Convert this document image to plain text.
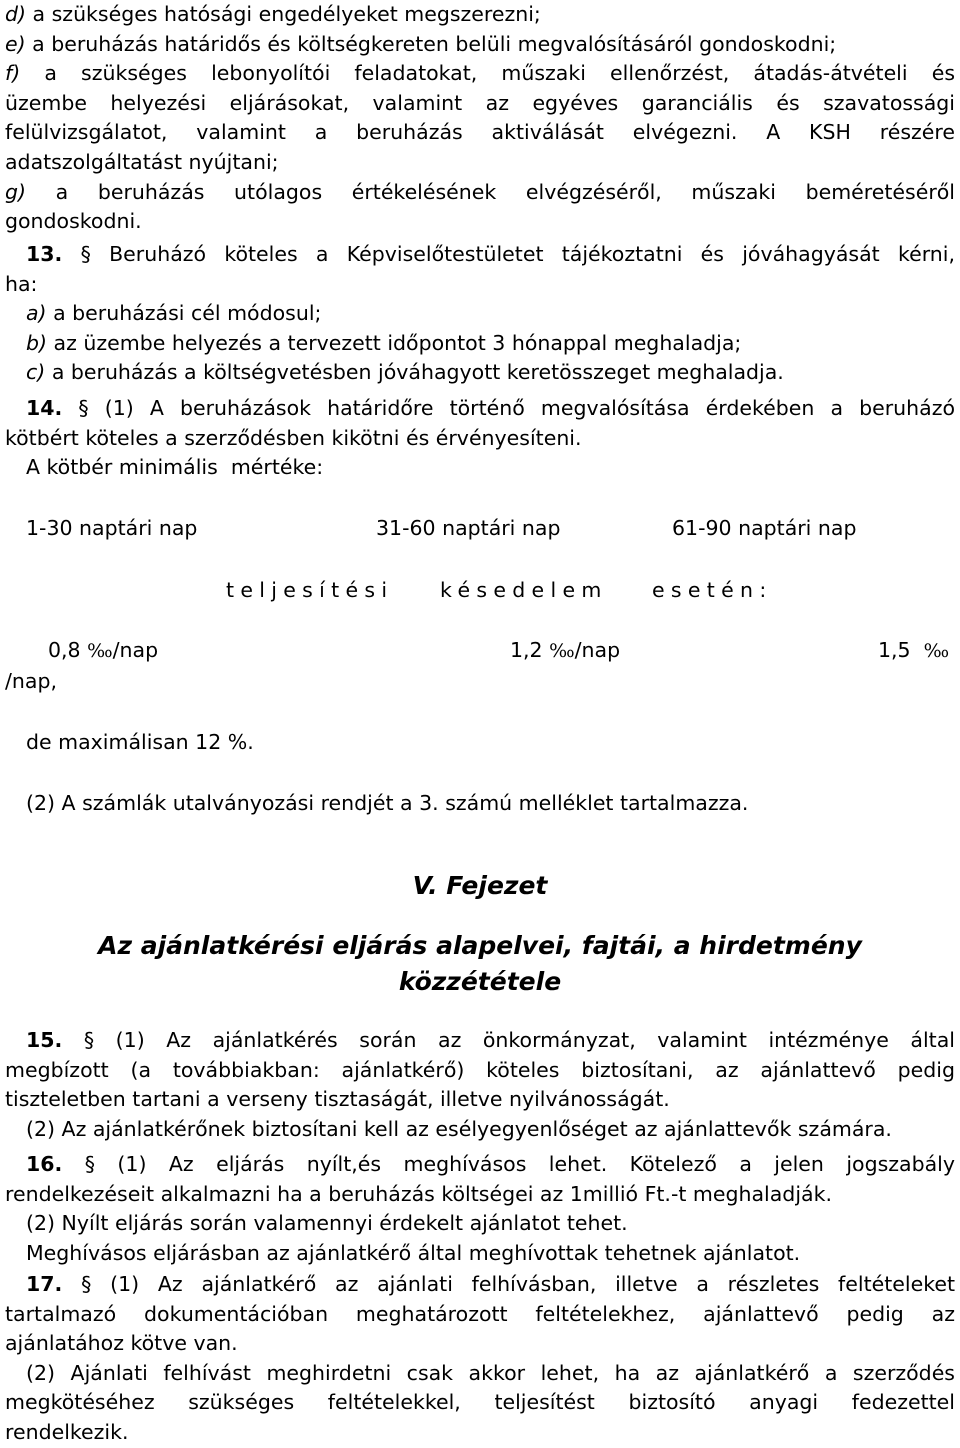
d) a szükséges hatósági engedélyeket megszerezni;
e) a beruházás határidős és költségkereten belüli megvalósításáról gondoskodni;
f) a szükséges lebonyolítói feladatokat, műszaki ellenőrzést, átadás-átvételi és
üzembe helyezési eljárásokat, valamint az egyéves garanciális és szavatossági
felülvizsgálatot, valamint a beruházás aktiválását elvégezni. A KSH részére
adatszolgáltatást nyújtani;
g) a beruházás utólagos értékelésének elvégzéséről, műszaki beméretéséről
gondoskodni.
13. § Beruházó köteles a Képviselőtestületet tájékoztatni és jóváhagyását kérni,
ha:
a) a beruházási cél módosul;
b) az üzembe helyezés a tervezett időpontot 3 hónappal meghaladja;
c) a beruházás a költségvetésben jóváhagyott keretösszeget meghaladja.
14. § (1) A beruházások határidőre történő megvalósítása érdekében a beruházó
kötbért köteles a szerződésben kikötni és érvényesíteni.
A kötbér minimális  mértéke:
1-30 naptári nap	31-60 naptári nap	61-90 naptári nap
teljesítési késedelem esetén:
0,8 ‰/nap	1,2 ‰/nap	1,5 ‰
/nap,
de maximálisan 12 %.
(2) A számlák utalványozási rendjét a 3. számú melléklet tartalmazza.
V. Fejezet
Az ajánlatkérési eljárás alapelvei, fajtái, a hirdetmény
közzététele
15. § (1) Az ajánlatkérés során az önkormányzat, valamint intézménye által
megbízott (a továbbiakban: ajánlatkérő) köteles biztosítani, az ajánlattevő pedig
tiszteletben tartani a verseny tisztaságát, illetve nyilvánosságát.
(2) Az ajánlatkérőnek biztosítani kell az esélyegyenlőséget az ajánlattevők számára.
16. § (1) Az eljárás nyílt,és meghívásos lehet. Kötelező a jelen jogszabály
rendelkezéseit alkalmazni ha a beruházás költségei az 1millió Ft.-t meghaladják.
(2) Nyílt eljárás során valamennyi érdekelt ajánlatot tehet.
Meghívásos eljárásban az ajánlatkérő által meghívottak tehetnek ajánlatot.
17. § (1) Az ajánlatkérő az ajánlati felhívásban, illetve a részletes feltételeket
tartalmazó dokumentációban meghatározott feltételekhez, ajánlattevő pedig az
ajánlatához kötve van.
(2) Ajánlati felhívást meghirdetni csak akkor lehet, ha az ajánlatkérő a szerződés
megkötéséhez szükséges feltételekkel, teljesítést biztosító anyagi fedezettel
rendelkezik.
